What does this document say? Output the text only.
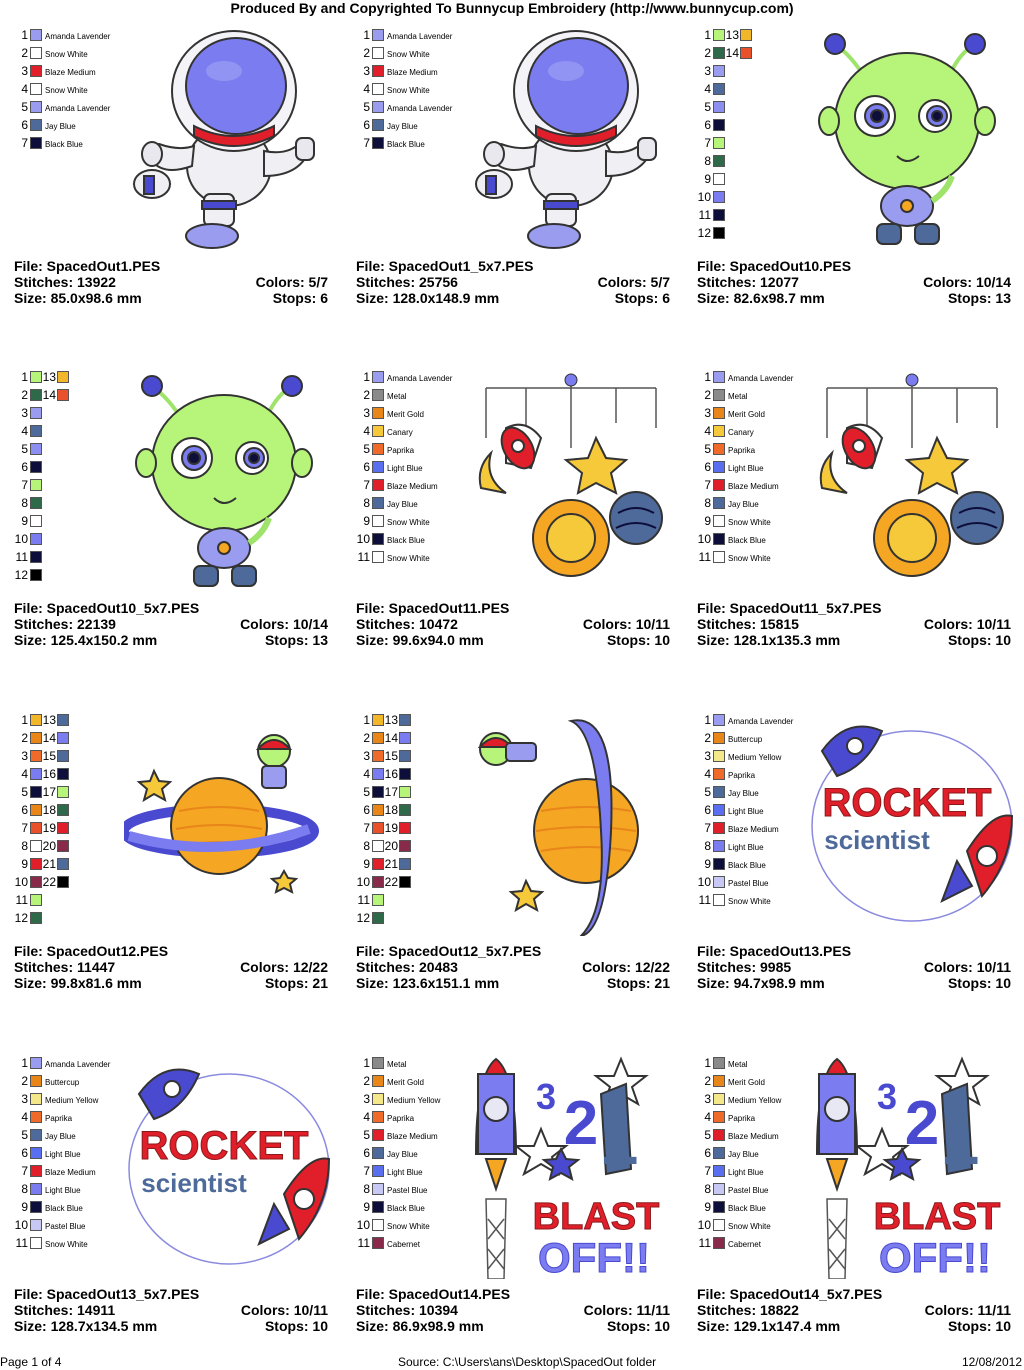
Produced By and Copyrighted To Bunnycup Embroidery (http://www.bunnycup.com)
1 Amanda Lavender
2 Snow White
3 Blaze Medium
4 Snow White
5 Amanda Lavender
6 Jay Blue
7 Black Blue
File: SpacedOut1.PES
Stitches: 13922	Colors: 5/7
Size: 85.0x98.6 mm	Stops: 6
1 Amanda Lavender
2 Snow White
3 Blaze Medium
4 Snow White
5 Amanda Lavender
6 Jay Blue
7 Black Blue
File: SpacedOut1_5x7.PES
Stitches: 25756	Colors: 5/7
Size: 128.0x148.9 mm	Stops: 6
1 13
2 14
3
4
5
6
7
8
9
10
11
12
File: SpacedOut10.PES
Stitches: 12077	Colors: 10/14
Size: 82.6x98.7 mm	Stops: 13
1 13
2 14
3
4
5
6
7
8
9
10
11
12
File: SpacedOut10_5x7.PES
Stitches: 22139	Colors: 10/14
Size: 125.4x150.2 mm	Stops: 13
1 Amanda Lavender
2 Metal
3 Merit Gold
4 Canary
5 Paprika
6 Light Blue
7 Blaze Medium
8 Jay Blue
9 Snow White
10 Black Blue
11 Snow White
File: SpacedOut11.PES
Stitches: 10472	Colors: 10/11
Size: 99.6x94.0 mm	Stops: 10
1 Amanda Lavender
2 Metal
3 Merit Gold
4 Canary
5 Paprika
6 Light Blue
7 Blaze Medium
8 Jay Blue
9 Snow White
10 Black Blue
11 Snow White
File: SpacedOut11_5x7.PES
Stitches: 15815	Colors: 10/11
Size: 128.1x135.3 mm	Stops: 10
1 13
2 14
3 15
4 16
5 17
6 18
7 19
8 20
9 21
10 22
11
12
File: SpacedOut12.PES
Stitches: 11447	Colors: 12/22
Size: 99.8x81.6 mm	Stops: 21
1 13
2 14
3 15
4 16
5 17
6 18
7 19
8 20
9 21
10 22
11
12
File: SpacedOut12_5x7.PES
Stitches: 20483	Colors: 12/22
Size: 123.6x151.1 mm	Stops: 21
1 Amanda Lavender
2 Buttercup
3 Medium Yellow
4 Paprika
5 Jay Blue
6 Light Blue
7 Blaze Medium
8 Light Blue
9 Black Blue
10 Pastel Blue
11 Snow White
ROCKET
scientist
File: SpacedOut13.PES
Stitches: 9985	Colors: 10/11
Size: 94.7x98.9 mm	Stops: 10
1 Amanda Lavender
2 Buttercup
3 Medium Yellow
4 Paprika
5 Jay Blue
6 Light Blue
7 Blaze Medium
8 Light Blue
9 Black Blue
10 Pastel Blue
11 Snow White
ROCKET
scientist
File: SpacedOut13_5x7.PES
Stitches: 14911	Colors: 10/11
Size: 128.7x134.5 mm	Stops: 10
1 Metal
2 Merit Gold
3 Medium Yellow
4 Paprika
5 Blaze Medium
6 Jay Blue
7 Light Blue
8 Pastel Blue
9 Black Blue
10 Snow White
11 Cabernet
3 2 1
BLAST
OFF!!
File: SpacedOut14.PES
Stitches: 10394	Colors: 11/11
Size: 86.9x98.9 mm	Stops: 10
1 Metal
2 Merit Gold
3 Medium Yellow
4 Paprika
5 Blaze Medium
6 Jay Blue
7 Light Blue
8 Pastel Blue
9 Black Blue
10 Snow White
11 Cabernet
3 2 1
BLAST
OFF!!
File: SpacedOut14_5x7.PES
Stitches: 18822	Colors: 11/11
Size: 129.1x147.4 mm	Stops: 10
Page 1 of 4	Source: C:\Users\ans\Desktop\SpacedOut folder	12/08/2012
